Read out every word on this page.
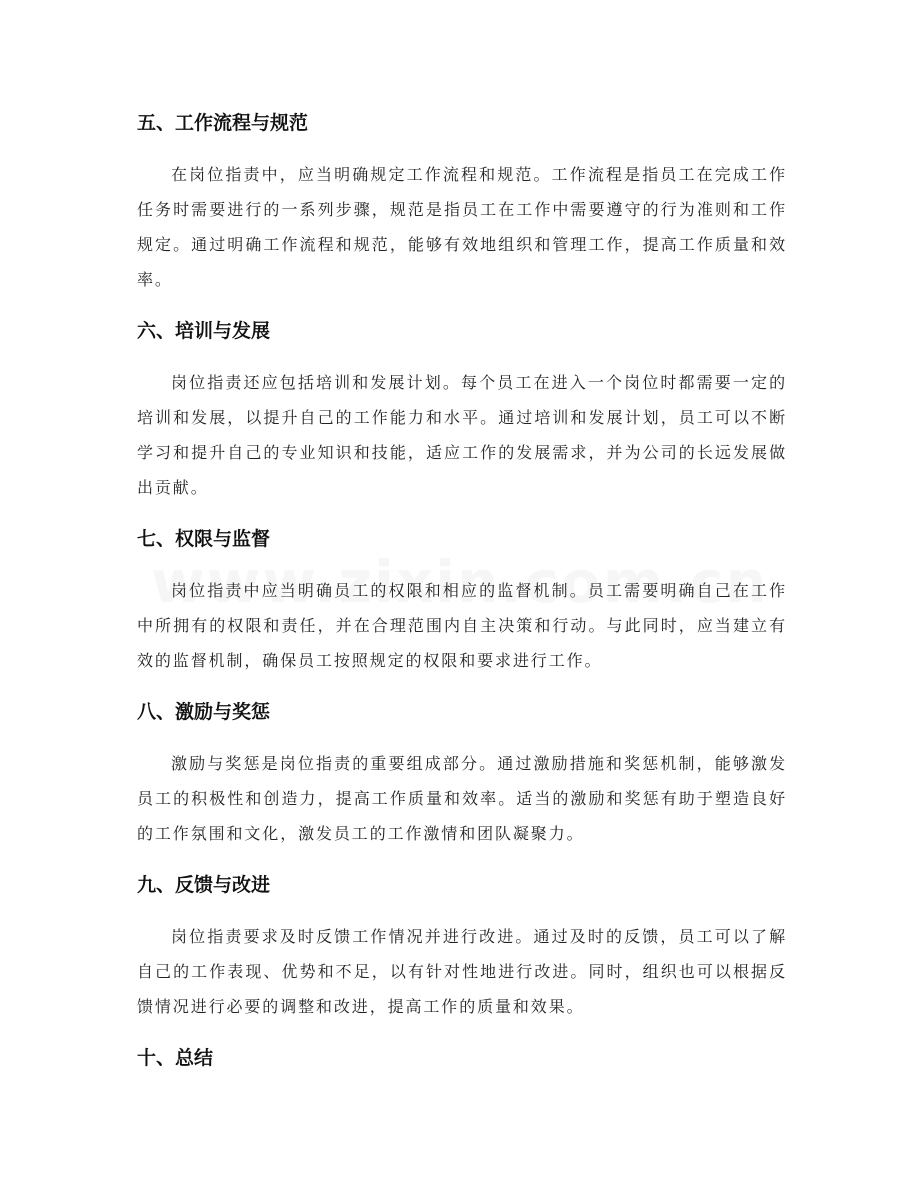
五、工作流程与规范

在岗位指责中，应当明确规定工作流程和规范。工作流程是指员工在完成工作任务时需要进行的一系列步骤，规范是指员工在工作中需要遵守的行为准则和工作规定。通过明确工作流程和规范，能够有效地组织和管理工作，提高工作质量和效率。

六、培训与发展

岗位指责还应包括培训和发展计划。每个员工在进入一个岗位时都需要一定的培训和发展，以提升自己的工作能力和水平。通过培训和发展计划，员工可以不断学习和提升自己的专业知识和技能，适应工作的发展需求，并为公司的长远发展做出贡献。

七、权限与监督

岗位指责中应当明确员工的权限和相应的监督机制。员工需要明确自己在工作中所拥有的权限和责任，并在合理范围内自主决策和行动。与此同时，应当建立有效的监督机制，确保员工按照规定的权限和要求进行工作。

八、激励与奖惩

激励与奖惩是岗位指责的重要组成部分。通过激励措施和奖惩机制，能够激发员工的积极性和创造力，提高工作质量和效率。适当的激励和奖惩有助于塑造良好的工作氛围和文化，激发员工的工作激情和团队凝聚力。

九、反馈与改进

岗位指责要求及时反馈工作情况并进行改进。通过及时的反馈，员工可以了解自己的工作表现、优势和不足，以有针对性地进行改进。同时，组织也可以根据反馈情况进行必要的调整和改进，提高工作的质量和效果。

十、总结
